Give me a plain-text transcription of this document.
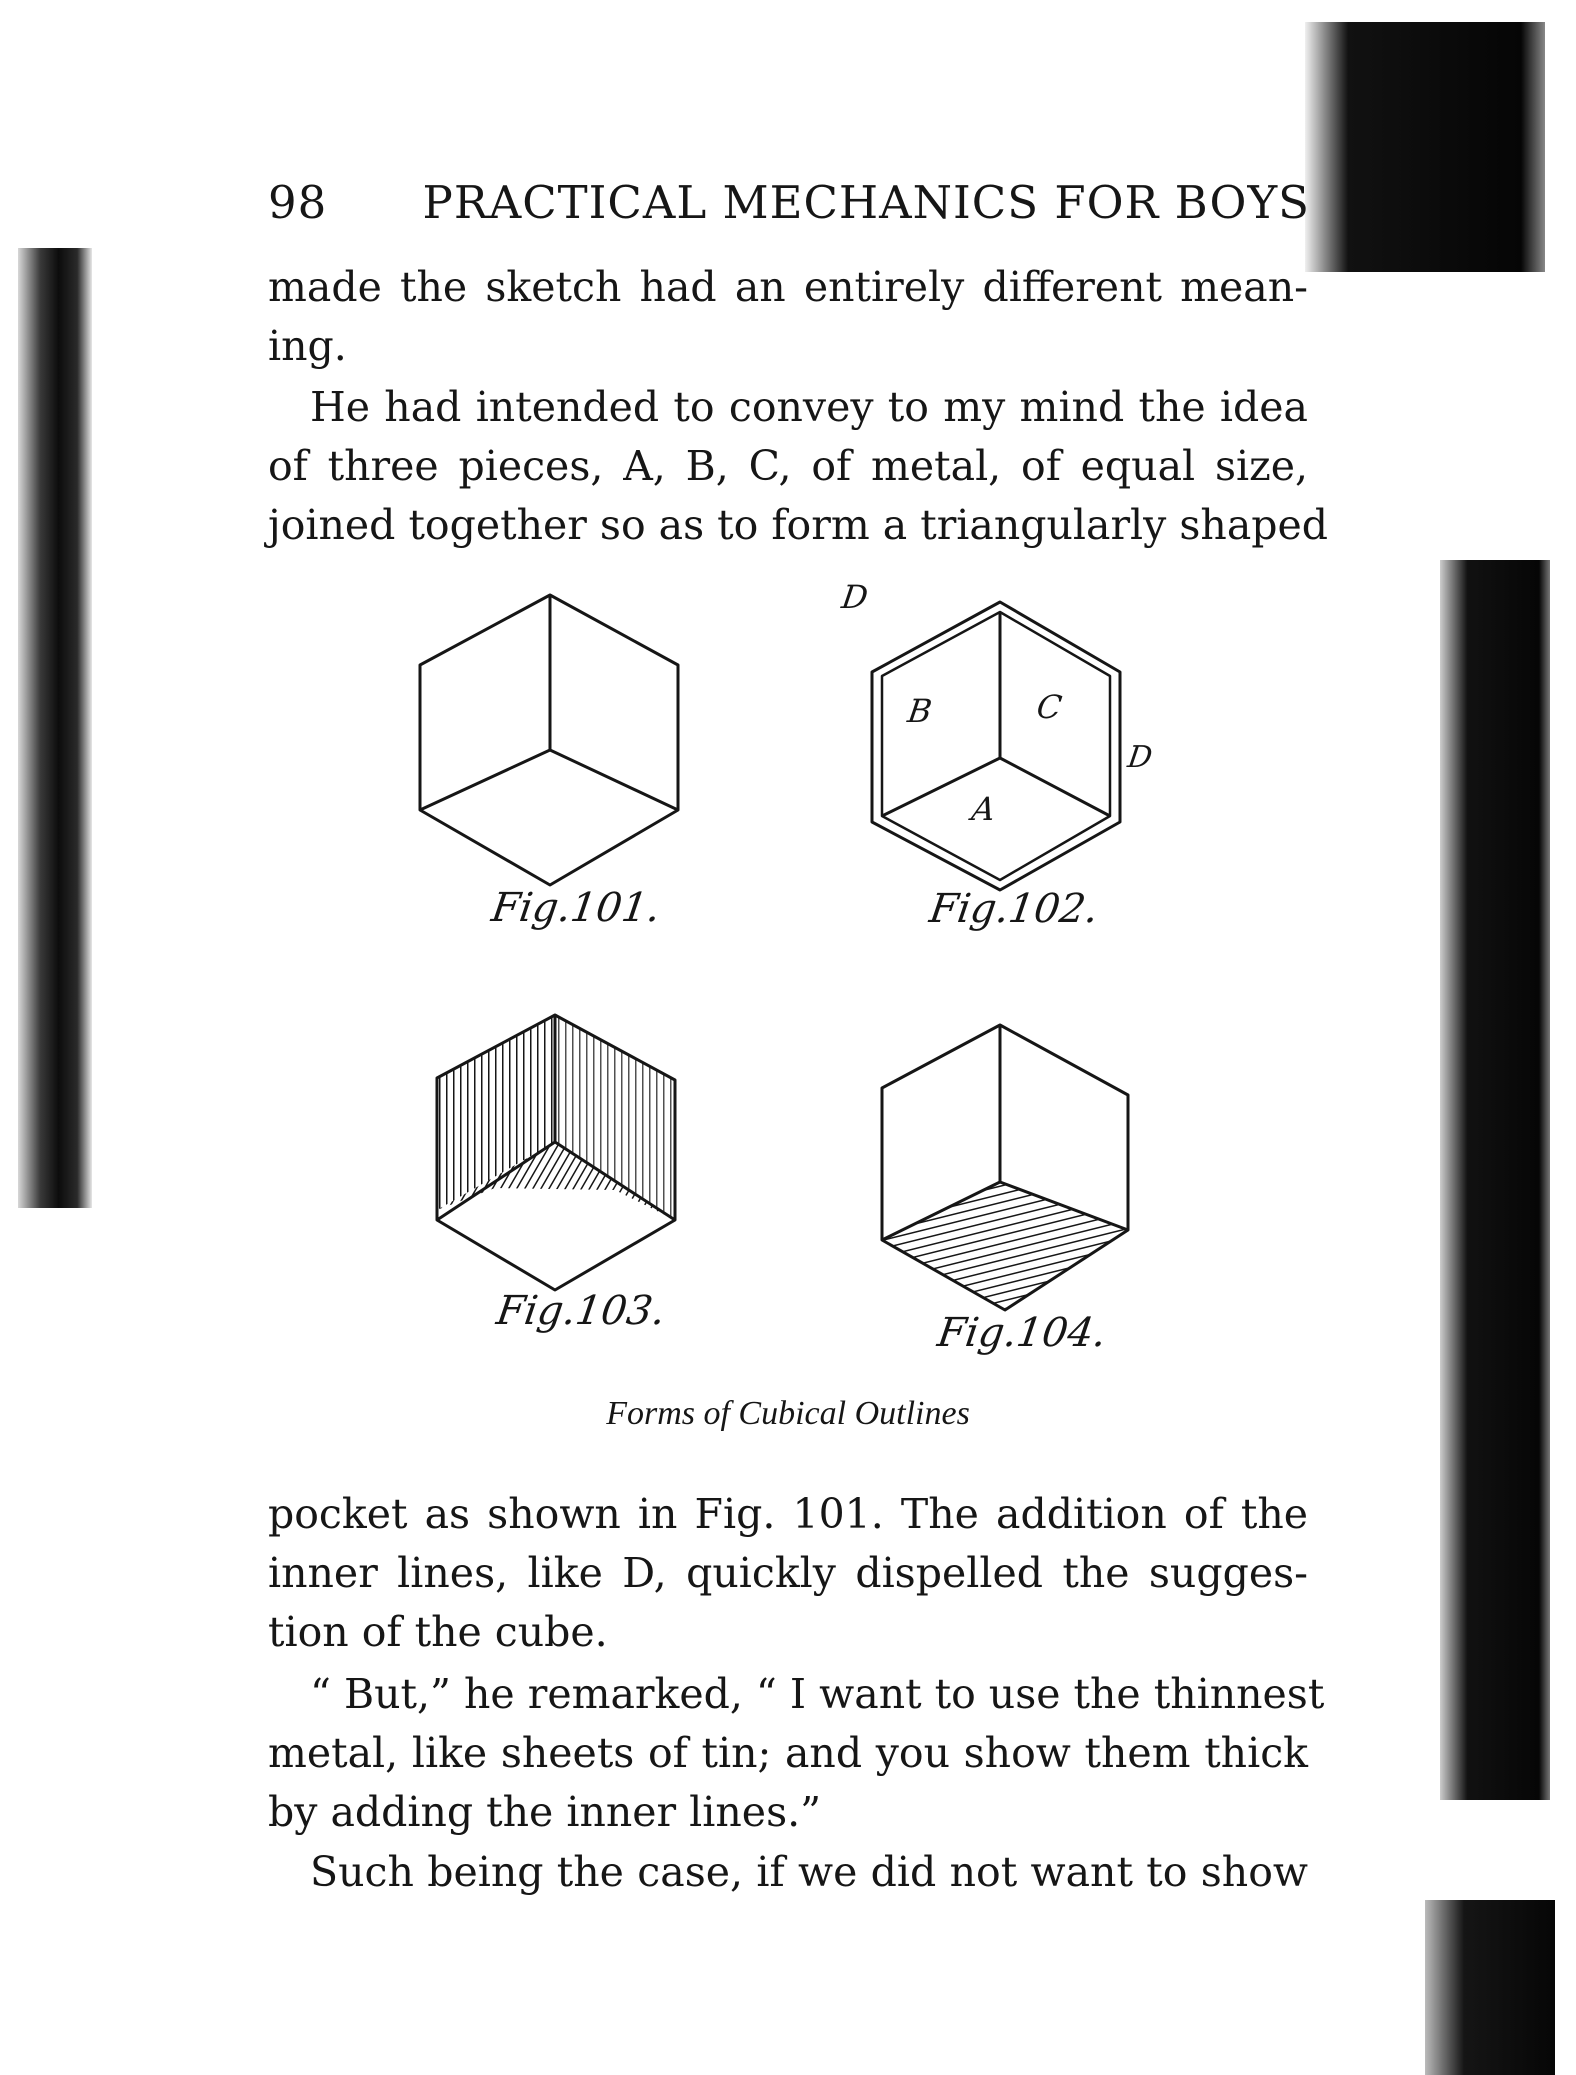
98 PRACTICAL MECHANICS FOR BOYS
made the sketch had an entirely different mean-
ing.
He had intended to convey to my mind the idea
of three pieces, A, B, C, of metal, of equal size,
joined together so as to form a triangularly shaped
Fig.101.
D
B	C
A
D
Fig.102.
Fig.103.	Fig.104.
Forms of Cubical Outlines
pocket as shown in Fig. 101. The addition of the
inner lines, like D, quickly dispelled the sugges-
tion of the cube.
“ But,” he remarked, “ I want to use the thinnest
metal, like sheets of tin; and you show them thick
by adding the inner lines.”
Such being the case, if we did not want to show
